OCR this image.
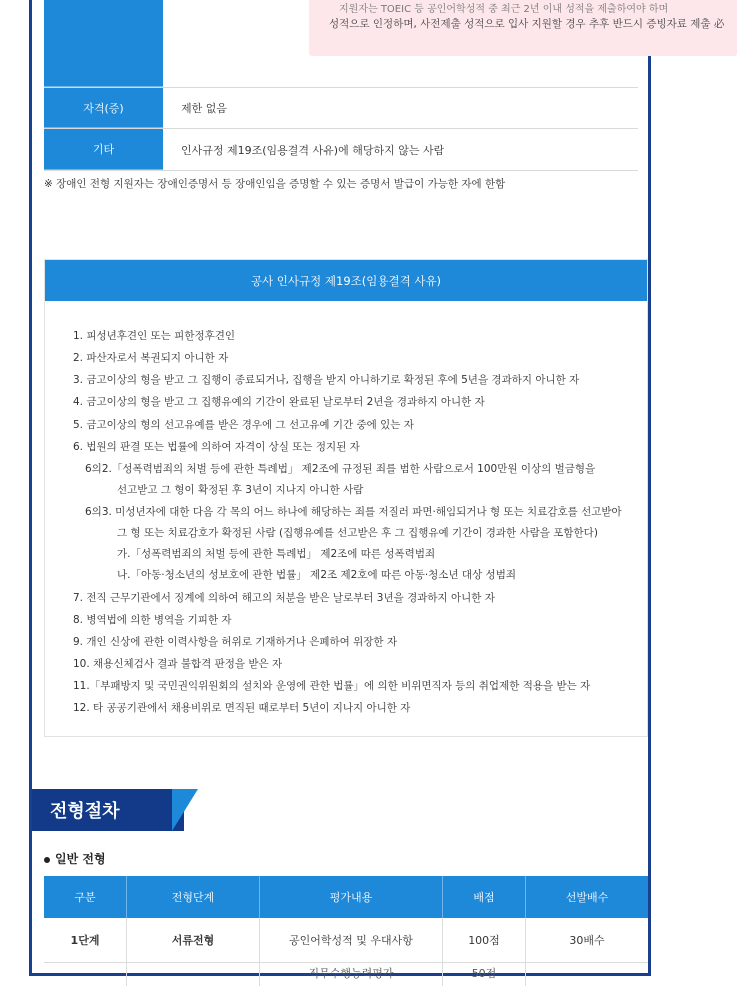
지원자는 TOEIC 등 공인어학성적 중 최근 2년 이내 성적을 제출하여야 하며
성적으로 인정하며, 사전제출 성적으로 입사 지원할 경우 추후 반드시 증빙자료 제출 必
자격(증)	제한 없음
기타	인사규정 제19조(임용결격 사유)에 해당하지 않는 사람
※ 장애인 전형 지원자는 장애인증명서 등 장애인임을 증명할 수 있는 증명서 발급이 가능한 자에 한함
공사 인사규정 제19조(임용결격 사유)
1. 피성년후견인 또는 피한정후견인
2. 파산자로서 복권되지 아니한 자
3. 금고이상의 형을 받고 그 집행이 종료되거나, 집행을 받지 아니하기로 확정된 후에 5년을 경과하지 아니한 자
4. 금고이상의 형을 받고 그 집행유예의 기간이 완료된 날로부터 2년을 경과하지 아니한 자
5. 금고이상의 형의 선고유예를 받은 경우에 그 선고유예 기간 중에 있는 자
6. 법원의 판결 또는 법률에 의하여 자격이 상실 또는 정지된 자
6의2.「성폭력범죄의 처벌 등에 관한 특례법」 제2조에 규정된 죄를 범한 사람으로서 100만원 이상의 벌금형을
선고받고 그 형이 확정된 후 3년이 지나지 아니한 사람
6의3. 미성년자에 대한 다음 각 목의 어느 하나에 해당하는 죄를 저질러 파면·해임되거나 형 또는 치료감호를 선고받아
그 형 또는 치료감호가 확정된 사람 (집행유예를 선고받은 후 그 집행유예 기간이 경과한 사람을 포함한다)
가.「성폭력범죄의 처벌 등에 관한 특례법」 제2조에 따른 성폭력범죄
나.「아동·청소년의 성보호에 관한 법률」 제2조 제2호에 따른 아동·청소년 대상 성범죄
7. 전직 근무기관에서 징계에 의하여 해고의 처분을 받은 날로부터 3년을 경과하지 아니한 자
8. 병역법에 의한 병역을 기피한 자
9. 개인 신상에 관한 이력사항을 허위로 기재하거나 은폐하여 위장한 자
10. 채용신체검사 결과 불합격 판정을 받은 자
11.「부패방지 및 국민권익위원회의 설치와 운영에 관한 법률」에 의한 비위면직자 등의 취업제한 적용을 받는 자
12. 타 공공기관에서 채용비위로 면직된 때로부터 5년이 지나지 아니한 자
전형절차
일반 전형
구분	전형단계	평가내용	배점	선발배수
1단계	서류전형	공인어학성적 및 우대사항	100점	30배수
		직무수행능력평가	50점	
